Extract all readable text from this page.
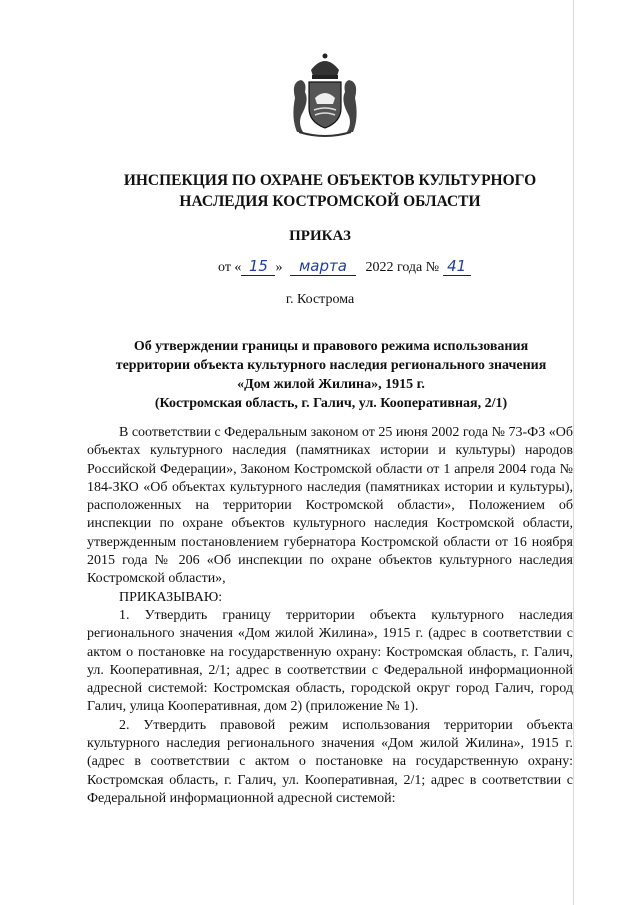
ИНСПЕКЦИЯ ПО ОХРАНЕ ОБЪЕКТОВ КУЛЬТУРНОГО НАСЛЕДИЯ КОСТРОМСКОЙ ОБЛАСТИ
ПРИКАЗ
от « 15 » марта 2022 года № 41
г. Кострома
Об утверждении границы и правового режима использования
территории объекта культурного наследия регионального значения
«Дом жилой Жилина», 1915 г.
(Костромская область, г. Галич, ул. Кооперативная, 2/1)

В соответствии с Федеральным законом от 25 июня 2002 года № 73-ФЗ «Об объектах культурного наследия (памятниках истории и культуры) народов Российской Федерации», Законом Костромской области от 1 апреля 2004 года № 184-ЗКО «Об объектах культурного наследия (памятниках истории и культуры), расположенных на территории Костромской области», Положением об инспекции по охране объектов культурного наследия Костромской области, утвержденным постановлением губернатора Костромской области от 16 ноября 2015 года № 206 «Об инспекции по охране объектов культурного наследия Костромской области»,

ПРИКАЗЫВАЮ:

1. Утвердить границу территории объекта культурного наследия регионального значения «Дом жилой Жилина», 1915 г. (адрес в соответствии с актом о постановке на государственную охрану: Костромская область, г. Галич, ул. Кооперативная, 2/1; адрес в соответствии с Федеральной информационной адресной системой: Костромская область, городской округ город Галич, город Галич, улица Кооперативная, дом 2) (приложение № 1).

2. Утвердить правовой режим использования территории объекта культурного наследия регионального значения «Дом жилой Жилина», 1915 г. (адрес в соответствии с актом о постановке на государственную охрану: Костромская область, г. Галич, ул. Кооперативная, 2/1; адрес в соответствии с Федеральной информационной адресной системой:
